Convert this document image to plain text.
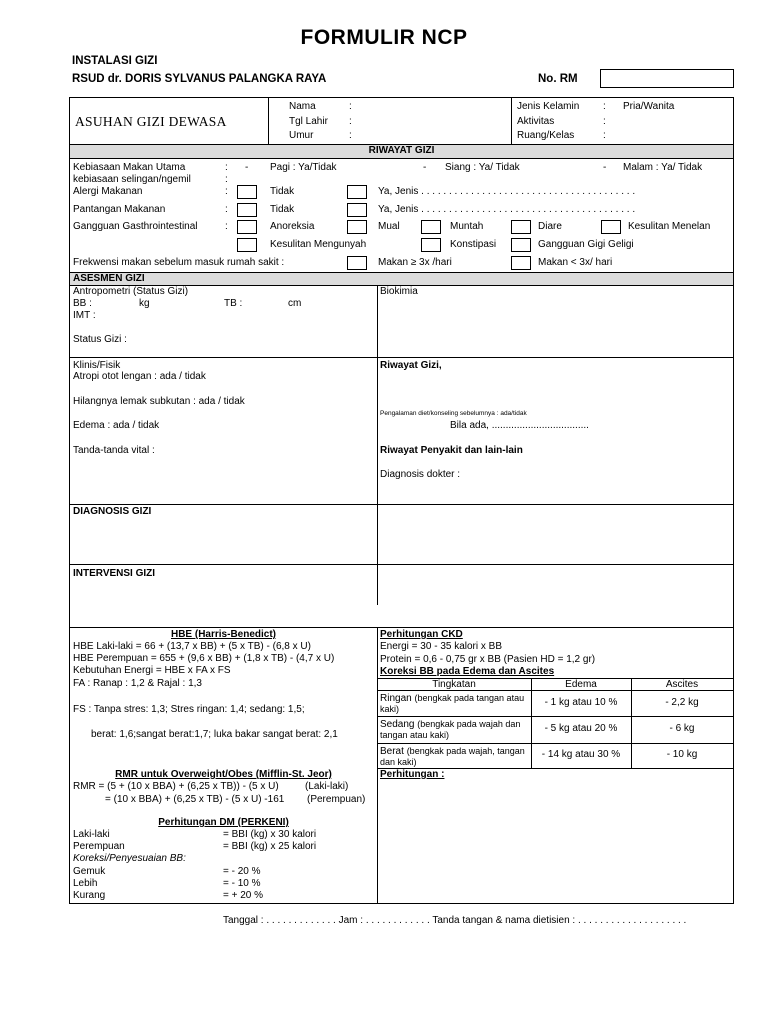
FORMULIR NCP
INSTALASI GIZI
RSUD dr. DORIS SYLVANUS PALANGKA RAYA	No. RM
ASUHAN GIZI DEWASA
Nama	:
Tgl Lahir :
Umur	:
Jenis Kelamin : Pria/Wanita
Aktivitas	:
Ruang/Kelas	:
RIWAYAT GIZI
Kebiasaan Makan Utama	: - Pagi : Ya/Tidak	- Siang : Ya/ Tidak	- Malam : Ya/ Tidak
kebiasaan selingan/ngemil	:
Alergi Makanan	:	Tidak	Ya, Jenis . . . . . . . . . . . . . . . . . . . . . . . . . . . . . . . . . . . . . . .
Pantangan Makanan	:	Tidak	Ya, Jenis . . . . . . . . . . . . . . . . . . . . . . . . . . . . . . . . . . . . . . .
Gangguan Gasthrointestinal	:	Anoreksia	Mual	Muntah	Diare	Kesulitan Menelan
Kesulitan Mengunyah	Konstipasi	Gangguan Gigi Geligi
Frekwensi makan sebelum masuk rumah sakit :	Makan ≥ 3x /hari	Makan < 3x/ hari
ASESMEN GIZI
Antropometri (Status Gizi)
BB :	kg	TB :	cm
IMT :
Status Gizi :
Biokimia
Klinis/Fisik
Atropi otot lengan : ada / tidak
Hilangnya lemak subkutan : ada / tidak
Edema : ada / tidak
Tanda-tanda vital :
Riwayat Gizi,
Pengalaman diet/konseling sebelumnya : ada/tidak
Bila ada, ...................................
Riwayat Penyakit dan lain-lain
Diagnosis dokter :
DIAGNOSIS GIZI
INTERVENSI GIZI
HBE (Harris-Benedict)
HBE Laki-laki = 66 + (13,7 x BB) + (5 x TB) - (6,8 x U)
HBE Perempuan = 655 + (9,6 x BB) + (1,8 x TB) - (4,7 x U)
Kebutuhan Energi = HBE x FA x FS
FA : Ranap : 1,2 & Rajal : 1,3
FS : Tanpa stres: 1,3; Stres ringan: 1,4; sedang: 1,5;
berat: 1,6;sangat berat:1,7; luka bakar sangat berat: 2,1
RMR untuk Overweight/Obes (Mifflin-St. Jeor)
RMR = (5 + (10 x BBA) + (6,25 x TB)) - (5 x U)	(Laki-laki)
= (10 x BBA) + (6,25 x TB) - (5 x U) -161 (Perempuan)
Perhitungan DM (PERKENI)
Laki-laki	= BBI (kg) x 30 kalori
Perempuan	= BBI (kg) x 25 kalori
Koreksi/Penyesuaian BB:
Gemuk	= - 20 %
Lebih	= - 10 %
Kurang	= + 20 %
Perhitungan CKD
Energi = 30 - 35 kalori x BB
Protein = 0,6 - 0,75 gr x BB (Pasien HD = 1,2 gr)
Koreksi BB pada Edema dan Ascites
Tingkatan	Edema	Ascites
Ringan (bengkak pada tangan atau kaki)
- 1 kg atau 10 %	- 2,2 kg
Sedang (bengkak pada wajah dan tangan atau kaki)
- 5 kg atau 20 %	- 6 kg
Berat (bengkak pada wajah, tangan dan kaki)
- 14 kg atau 30 %	- 10 kg
Perhitungan :
Tanggal : . . . . . . . . . . . . . Jam : . . . . . . . . . . . . Tanda tangan & nama dietisien : . . . . . . . . . . . . . . . . . . . .
